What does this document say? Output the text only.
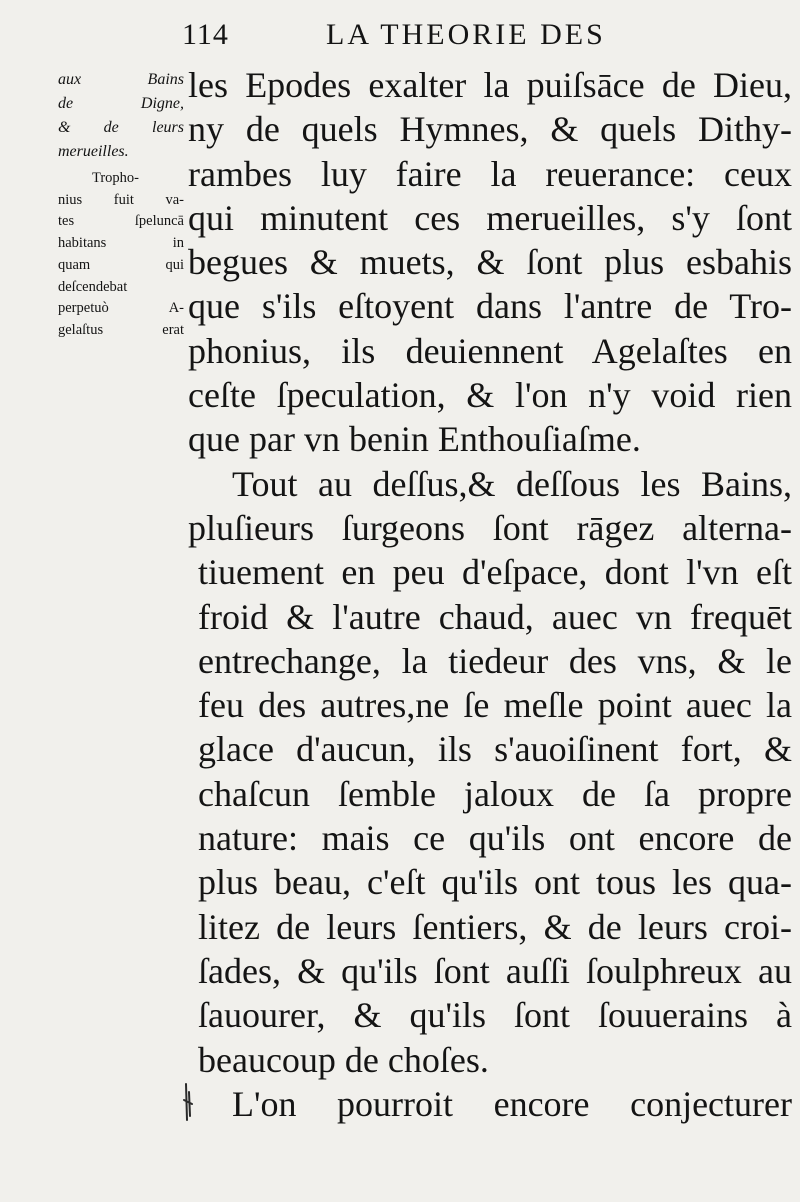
114	LA THEORIE DES
aux Bains
de Digne,
& de leurs
merueilles.
Tropho-
nius fuit va-
tes ſpeluncā
habitans in
quam qui
deſcendebat
perpetuò A-
gelaſtus erat
les Epodes exalter la puiſsāce de Dieu,
ny de quels Hymnes, & quels Dithy-
rambes luy faire la reuerance: ceux
qui minutent ces merueilles, s'y ſont
begues & muets, & ſont plus esbahis
que s'ils eſtoyent dans l'antre de Tro-
phonius, ils deuiennent Agelaſtes en
ceſte ſpeculation, & l'on n'y void rien
que par vn benin Enthouſiaſme.
Tout au deſſus,& deſſous les Bains,
pluſieurs ſurgeons ſont rāgez alterna-
tiuement en peu d'eſpace, dont l'vn eſt
froid & l'autre chaud, auec vn frequēt
entrechange, la tiedeur des vns, & le
feu des autres,ne ſe meſle point auec la
glace d'aucun, ils s'auoiſinent fort, &
chaſcun ſemble jaloux de ſa propre
nature: mais ce qu'ils ont encore de
plus beau, c'eſt qu'ils ont tous les qua-
litez de leurs ſentiers, & de leurs croi-
ſades, & qu'ils ſont auſſi ſoulphreux au
ſauourer, & qu'ils ſont ſouuerains à
beaucoup de choſes.
L'on pourroit encore conjecturer
